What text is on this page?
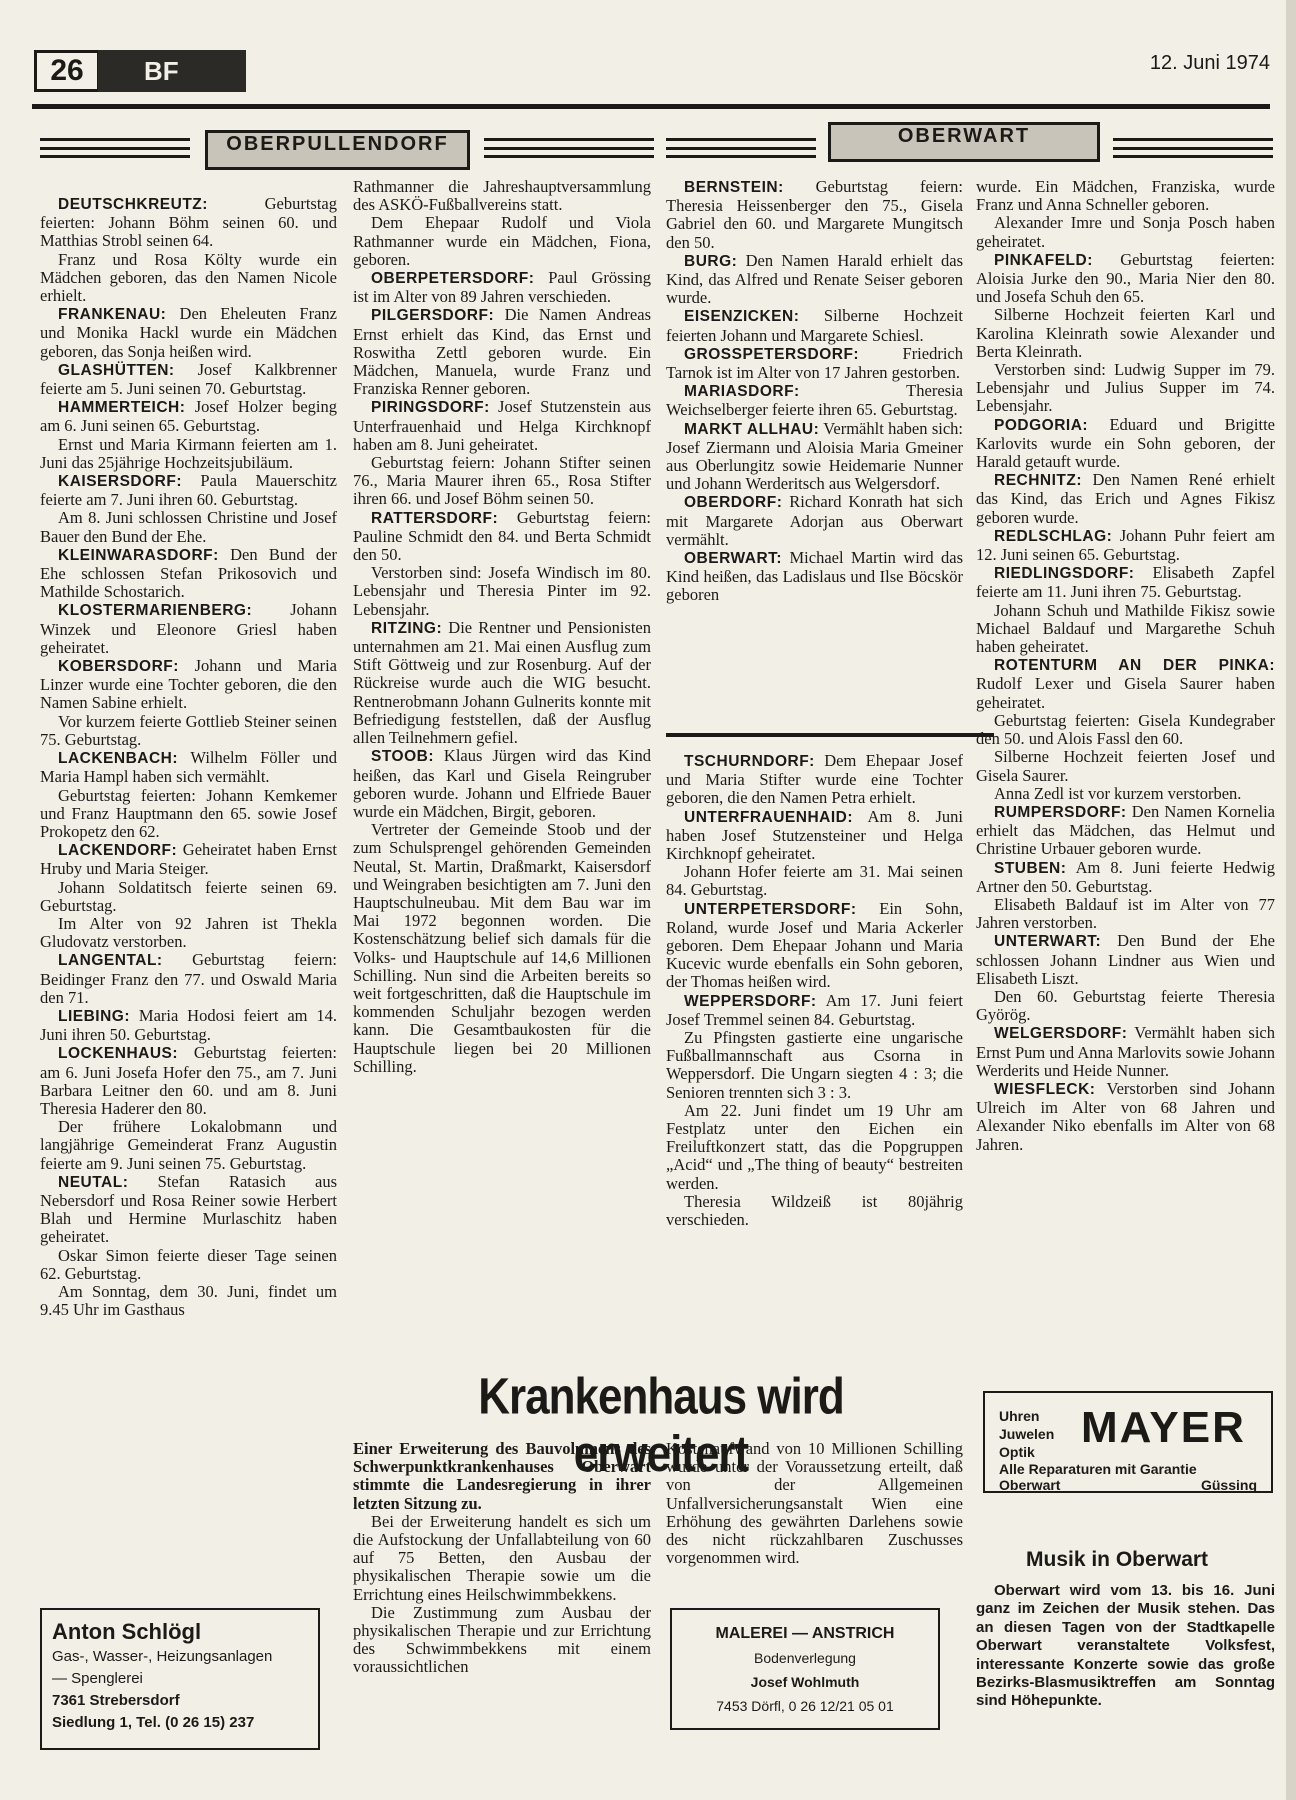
26	BF	12. Juni 1974
OBERPULLENDORF	OBERWART

DEUTSCHKREUTZ: Geburtstag feierten: Johann Böhm seinen 60. und Matthias Strobl seinen 64.

Franz und Rosa Költy wurde ein Mädchen geboren, das den Namen Nicole erhielt.

FRANKENAU: Den Eheleuten Franz und Monika Hackl wurde ein Mädchen geboren, das Sonja heißen wird.

GLASHÜTTEN: Josef Kalkbrenner feierte am 5. Juni seinen 70. Geburtstag.

HAMMERTEICH: Josef Holzer beging am 6. Juni seinen 65. Geburtstag.

Ernst und Maria Kirmann feierten am 1. Juni das 25jährige Hochzeitsjubiläum.

KAISERSDORF: Paula Mauerschitz feierte am 7. Juni ihren 60. Geburtstag.

Am 8. Juni schlossen Christine und Josef Bauer den Bund der Ehe.

KLEINWARASDORF: Den Bund der Ehe schlossen Stefan Prikosovich und Mathilde Schostarich.

KLOSTERMARIENBERG: Johann Winzek und Eleonore Griesl haben geheiratet.

KOBERSDORF: Johann und Maria Linzer wurde eine Tochter geboren, die den Namen Sabine erhielt.

Vor kurzem feierte Gottlieb Steiner seinen 75. Geburtstag.

LACKENBACH: Wilhelm Föller und Maria Hampl haben sich vermählt.

Geburtstag feierten: Johann Kemkemer und Franz Hauptmann den 65. sowie Josef Prokopetz den 62.

LACKENDORF: Geheiratet haben Ernst Hruby und Maria Steiger.

Johann Soldatitsch feierte seinen 69. Geburtstag.

Im Alter von 92 Jahren ist Thekla Gludovatz verstorben.

LANGENTAL: Geburtstag feiern: Beidinger Franz den 77. und Oswald Maria den 71.

LIEBING: Maria Hodosi feiert am 14. Juni ihren 50. Geburtstag.

LOCKENHAUS: Geburtstag feierten: am 6. Juni Josefa Hofer den 75., am 7. Juni Barbara Leitner den 60. und am 8. Juni Theresia Haderer den 80.

Der frühere Lokalobmann und langjährige Gemeinderat Franz Augustin feierte am 9. Juni seinen 75. Geburtstag.

NEUTAL: Stefan Ratasich aus Nebersdorf und Rosa Reiner sowie Herbert Blah und Hermine Murlaschitz haben geheiratet.

Oskar Simon feierte dieser Tage seinen 62. Geburtstag.

Am Sonntag, dem 30. Juni, findet um 9.45 Uhr im Gasthaus

Rathmanner die Jahreshauptversammlung des ASKÖ-Fußballvereins statt.

Dem Ehepaar Rudolf und Viola Rathmanner wurde ein Mädchen, Fiona, geboren.

OBERPETERSDORF: Paul Grössing ist im Alter von 89 Jahren verschieden.

PILGERSDORF: Die Namen Andreas Ernst erhielt das Kind, das Ernst und Roswitha Zettl geboren wurde. Ein Mädchen, Manuela, wurde Franz und Franziska Renner geboren.

PIRINGSDORF: Josef Stutzenstein aus Unterfrauenhaid und Helga Kirchknopf haben am 8. Juni geheiratet.

Geburtstag feiern: Johann Stifter seinen 76., Maria Maurer ihren 65., Rosa Stifter ihren 66. und Josef Böhm seinen 50.

RATTERSDORF: Geburtstag feiern: Pauline Schmidt den 84. und Berta Schmidt den 50.

Verstorben sind: Josefa Windisch im 80. Lebensjahr und Theresia Pinter im 92. Lebensjahr.

RITZING: Die Rentner und Pensionisten unternahmen am 21. Mai einen Ausflug zum Stift Göttweig und zur Rosenburg. Auf der Rückreise wurde auch die WIG besucht. Rentnerobmann Johann Gulnerits konnte mit Befriedigung feststellen, daß der Ausflug allen Teilnehmern gefiel.

STOOB: Klaus Jürgen wird das Kind heißen, das Karl und Gisela Reingruber geboren wurde. Johann und Elfriede Bauer wurde ein Mädchen, Birgit, geboren.

Vertreter der Gemeinde Stoob und der zum Schulsprengel gehörenden Gemeinden Neutal, St. Martin, Draßmarkt, Kaisersdorf und Weingraben besichtigten am 7. Juni den Hauptschulneubau. Mit dem Bau war im Mai 1972 begonnen worden. Die Kostenschätzung belief sich damals für die Volks- und Hauptschule auf 14,6 Millionen Schilling. Nun sind die Arbeiten bereits so weit fortgeschritten, daß die Hauptschule im kommenden Schuljahr bezogen werden kann. Die Gesamtbaukosten für die Hauptschule liegen bei 20 Millionen Schilling.

BERNSTEIN: Geburtstag feiern: Theresia Heissenberger den 75., Gisela Gabriel den 60. und Margarete Mungitsch den 50.

BURG: Den Namen Harald erhielt das Kind, das Alfred und Renate Seiser geboren wurde.

EISENZICKEN: Silberne Hochzeit feierten Johann und Margarete Schiesl.

GROSSPETERSDORF: Friedrich Tarnok ist im Alter von 17 Jahren gestorben.

MARIASDORF: Theresia Weichselberger feierte ihren 65. Geburtstag.

MARKT ALLHAU: Vermählt haben sich: Josef Ziermann und Aloisia Maria Gmeiner aus Oberlungitz sowie Heidemarie Nunner und Johann Werderitsch aus Welgersdorf.

OBERDORF: Richard Konrath hat sich mit Margarete Adorjan aus Oberwart vermählt.

OBERWART: Michael Martin wird das Kind heißen, das Ladislaus und Ilse Böcskör geboren

TSCHURNDORF: Dem Ehepaar Josef und Maria Stifter wurde eine Tochter geboren, die den Namen Petra erhielt.

UNTERFRAUENHAID: Am 8. Juni haben Josef Stutzensteiner und Helga Kirchknopf geheiratet.

Johann Hofer feierte am 31. Mai seinen 84. Geburtstag.

UNTERPETERSDORF: Ein Sohn, Roland, wurde Josef und Maria Ackerler geboren. Dem Ehepaar Johann und Maria Kucevic wurde ebenfalls ein Sohn geboren, der Thomas heißen wird.

WEPPERSDORF: Am 17. Juni feiert Josef Tremmel seinen 84. Geburtstag.

Zu Pfingsten gastierte eine ungarische Fußballmannschaft aus Csorna in Weppersdorf. Die Ungarn siegten 4 : 3; die Senioren trennten sich 3 : 3.

Am 22. Juni findet um 19 Uhr am Festplatz unter den Eichen ein Freiluftkonzert statt, das die Popgruppen „Acid“ und „The thing of beauty“ bestreiten werden.

Theresia Wildzeiß ist 80jährig verschieden.

wurde. Ein Mädchen, Franziska, wurde Franz und Anna Schneller geboren.

Alexander Imre und Sonja Posch haben geheiratet.

PINKAFELD: Geburtstag feierten: Aloisia Jurke den 90., Maria Nier den 80. und Josefa Schuh den 65.

Silberne Hochzeit feierten Karl und Karolina Kleinrath sowie Alexander und Berta Kleinrath.

Verstorben sind: Ludwig Supper im 79. Lebensjahr und Julius Supper im 74. Lebensjahr.

PODGORIA: Eduard und Brigitte Karlovits wurde ein Sohn geboren, der Harald getauft wurde.

RECHNITZ: Den Namen René erhielt das Kind, das Erich und Agnes Fikisz geboren wurde.

REDLSCHLAG: Johann Puhr feiert am 12. Juni seinen 65. Geburtstag.

RIEDLINGSDORF: Elisabeth Zapfel feierte am 11. Juni ihren 75. Geburtstag.

Johann Schuh und Mathilde Fikisz sowie Michael Baldauf und Margarethe Schuh haben geheiratet.

ROTENTURM AN DER PINKA: Rudolf Lexer und Gisela Saurer haben geheiratet.

Geburtstag feierten: Gisela Kundegraber den 50. und Alois Fassl den 60.

Silberne Hochzeit feierten Josef und Gisela Saurer.

Anna Zedl ist vor kurzem verstorben.

RUMPERSDORF: Den Namen Kornelia erhielt das Mädchen, das Helmut und Christine Urbauer geboren wurde.

STUBEN: Am 8. Juni feierte Hedwig Artner den 50. Geburtstag.

Elisabeth Baldauf ist im Alter von 77 Jahren verstorben.

UNTERWART: Den Bund der Ehe schlossen Johann Lindner aus Wien und Elisabeth Liszt.

Den 60. Geburtstag feierte Theresia Györög.

WELGERSDORF: Vermählt haben sich Ernst Pum und Anna Marlovits sowie Johann Werderits und Heide Nunner.

WIESFLECK: Verstorben sind Johann Ulreich im Alter von 68 Jahren und Alexander Niko ebenfalls im Alter von 68 Jahren.

Krankenhaus wird erweitert

Einer Erweiterung des Bauvolumens des Schwerpunktkrankenhauses Oberwart stimmte die Landesregierung in ihrer letzten Sitzung zu.

Bei der Erweiterung handelt es sich um die Aufstockung der Unfallabteilung von 60 auf 75 Betten, den Ausbau der physikalischen Therapie sowie um die Errichtung eines Heilschwimmbekkens.

Die Zustimmung zum Ausbau der physikalischen Therapie und zur Errichtung des Schwimmbekkens mit einem voraussichtlichen

Kostenaufwand von 10 Millionen Schilling wurde unter der Voraussetzung erteilt, daß von der Allgemeinen Unfallversicherungsanstalt Wien eine Erhöhung des gewährten Darlehens sowie des nicht rückzahlbaren Zuschusses vorgenommen wird.

Anton Schlögl
Gas-, Wasser-, Heizungsanlagen
— Spenglerei
7361 Strebersdorf
Siedlung 1, Tel. (0 26 15) 237
MALEREI — ANSTRICH
Bodenverlegung
Josef Wohlmuth
7453 Dörfl, 0 26 12/21 05 01
Uhren
Juwelen
Optik	MAYER
Alle Reparaturen mit Garantie
Oberwart	Güssing
Musik in Oberwart

Oberwart wird vom 13. bis 16. Juni ganz im Zeichen der Musik stehen. Das an diesen Tagen von der Stadtkapelle Oberwart veranstaltete Volksfest, interessante Konzerte sowie das große Bezirks-Blasmusiktreffen am Sonntag sind Höhepunkte.
